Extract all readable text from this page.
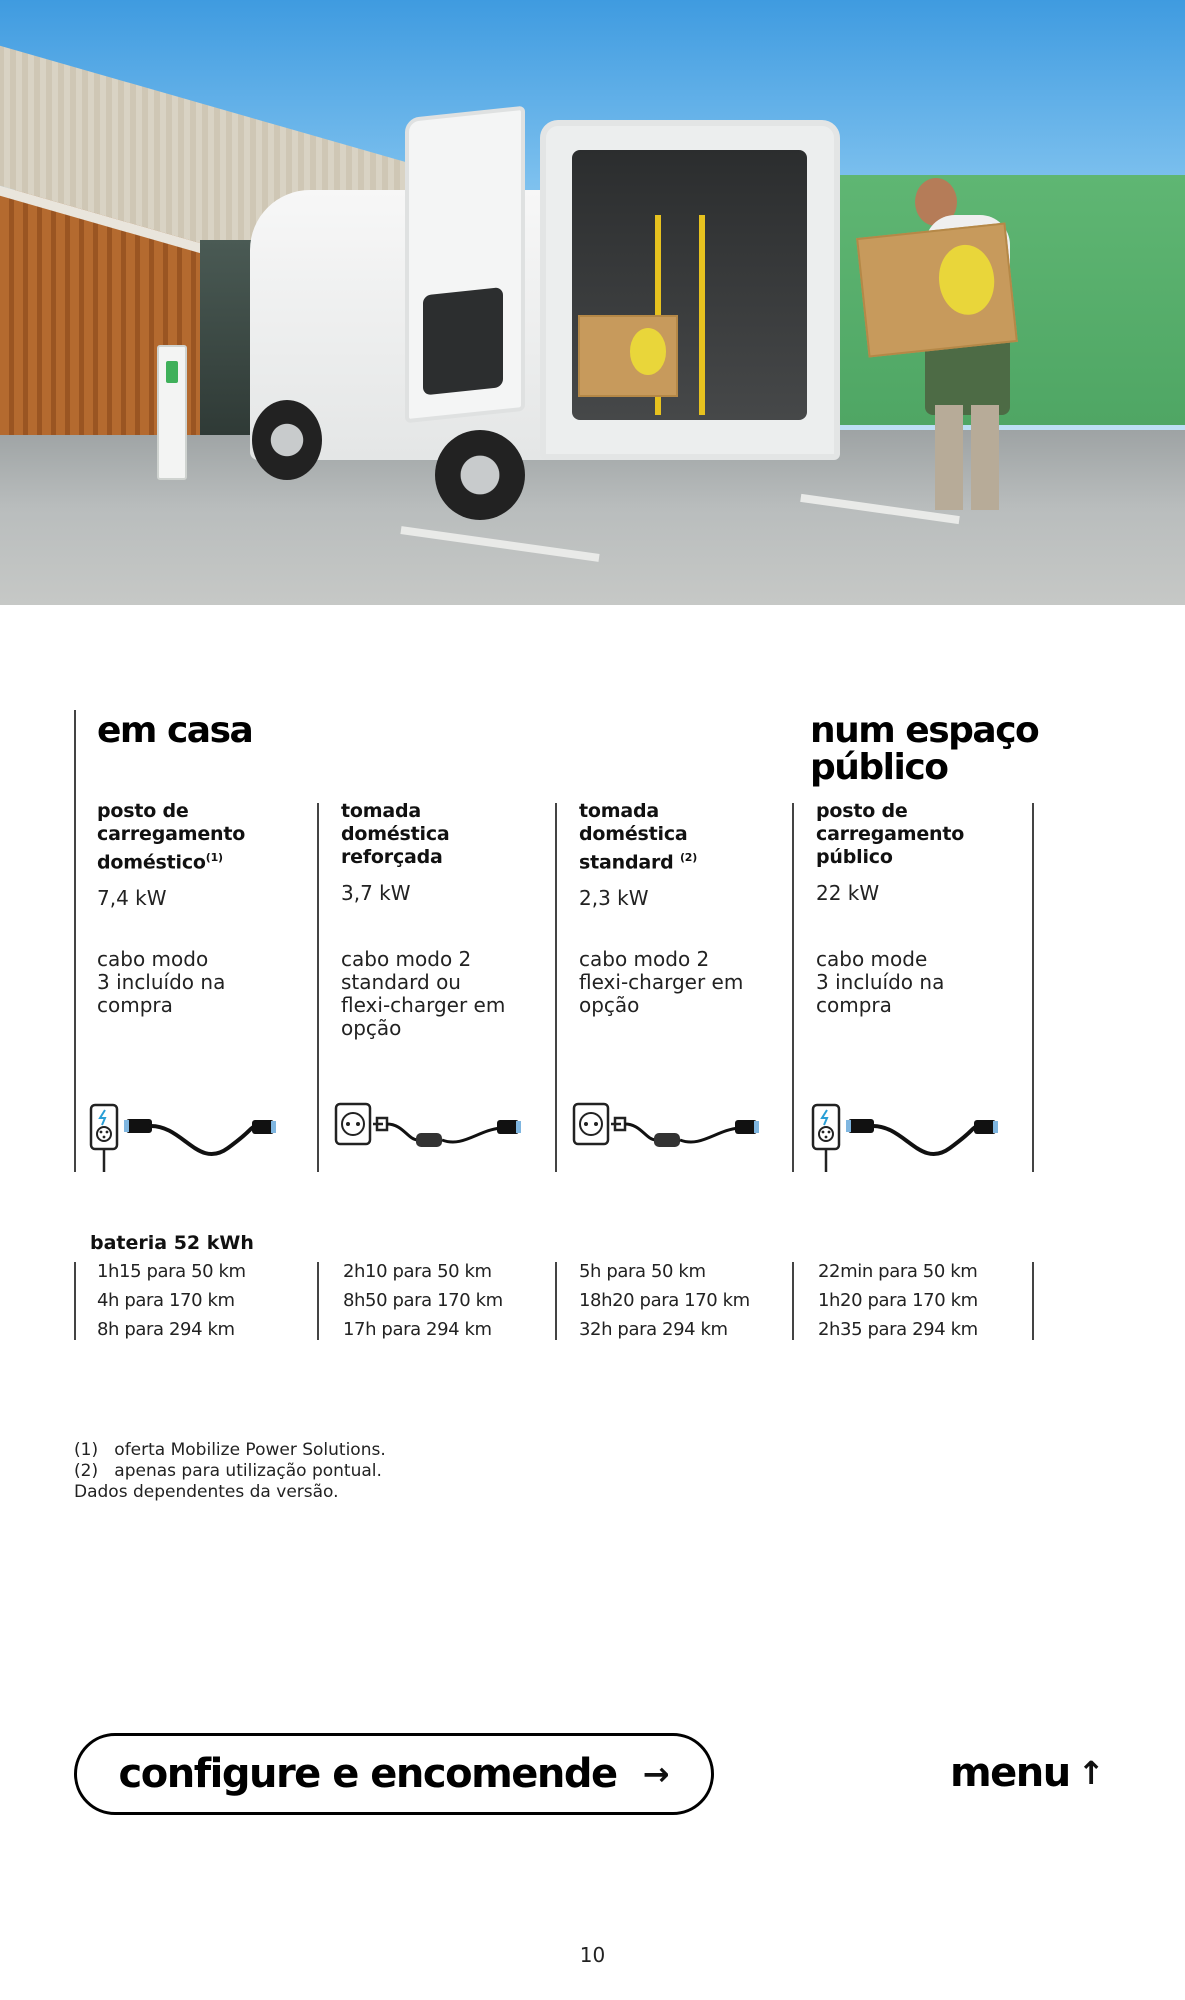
em casa	num espaço
público
posto de
carregamento
doméstico$^{(1)}$
7,4 kW
cabo modo
3 incluído na
compra
tomada
doméstica
reforçada
3,7 kW
cabo modo 2
standard ou
flexi-charger em
opção
tomada
doméstica
standard $^{(2)}$
2,3 kW
cabo modo 2
flexi-charger em
opção
posto de
carregamento
público
22 kW
cabo mode
3 incluído na
compra
bateria 52 kWh
1h15 para 50 km
4h para 170 km
8h para 294 km
2h10 para 50 km
8h50 para 170 km
17h para 294 km
5h para 50 km
18h20 para 170 km
32h para 294 km
22min para 50 km
1h20 para 170 km
2h35 para 294 km
(1)   oferta Mobilize Power Solutions.
(2)   apenas para utilização pontual.
Dados dependentes da versão.
configure e encomende →	menu ↑
10
